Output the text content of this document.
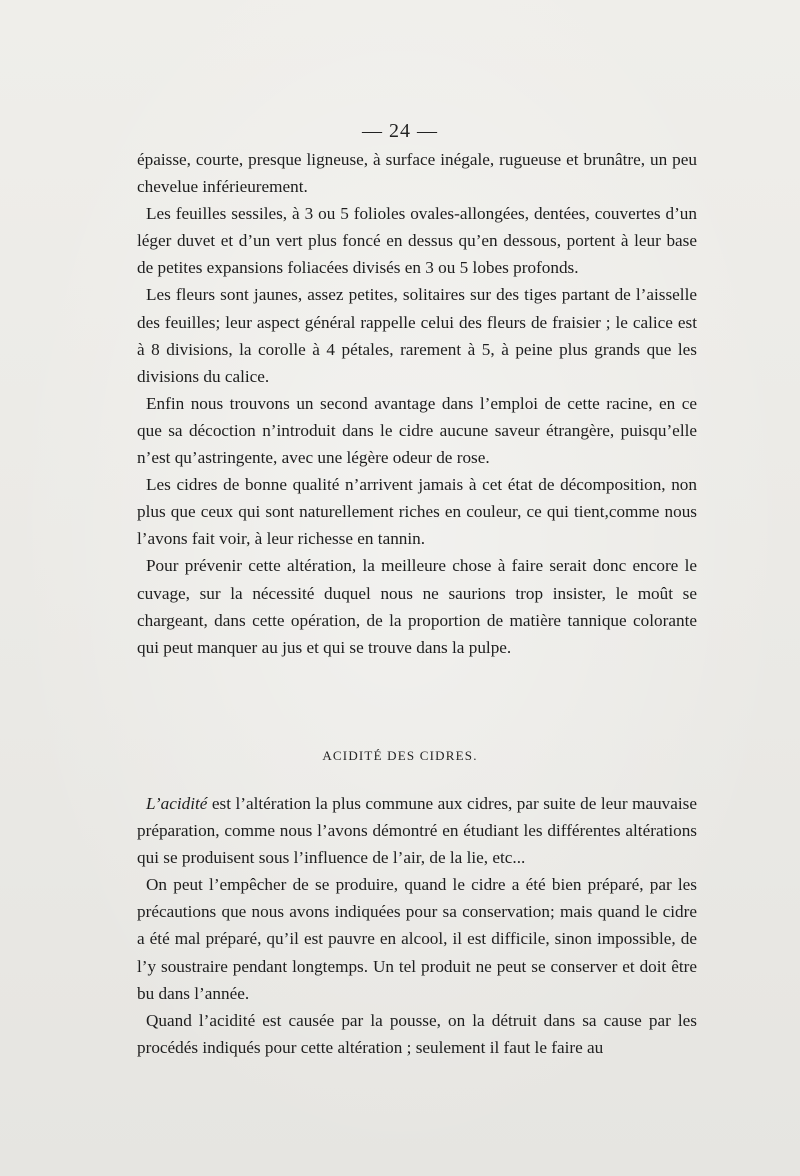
— 24 —

épaisse, courte, presque ligneuse, à surface inégale, rugueuse et brunâtre, un peu chevelue inférieurement.

Les feuilles sessiles, à 3 ou 5 folioles ovales-allongées, dentées, couvertes d’un léger duvet et d’un vert plus foncé en dessus qu’en dessous, portent à leur base de petites expansions foliacées divisés en 3 ou 5 lobes profonds.

Les fleurs sont jaunes, assez petites, solitaires sur des tiges partant de l’aisselle des feuilles; leur aspect général rappelle celui des fleurs de fraisier ; le calice est à 8 divisions, la corolle à 4 pétales, rarement à 5, à peine plus grands que les divisions du calice.

Enfin nous trouvons un second avantage dans l’emploi de cette racine, en ce que sa décoction n’introduit dans le cidre aucune saveur étrangère, puisqu’elle n’est qu’astringente, avec une légère odeur de rose.

Les cidres de bonne qualité n’arrivent jamais à cet état de décomposition, non plus que ceux qui sont naturellement riches en couleur, ce qui tient,comme nous l’avons fait voir, à leur richesse en tannin.

Pour prévenir cette altération, la meilleure chose à faire serait donc encore le cuvage, sur la nécessité duquel nous ne saurions trop insister, le moût se chargeant, dans cette opération, de la proportion de matière tannique colorante qui peut manquer au jus et qui se trouve dans la pulpe.

ACIDITÉ DES CIDRES.

L’acidité est l’altération la plus commune aux cidres, par suite de leur mauvaise préparation, comme nous l’avons démontré en étudiant les différentes altérations qui se produisent sous l’influence de l’air, de la lie, etc...

On peut l’empêcher de se produire, quand le cidre a été bien préparé, par les précautions que nous avons indiquées pour sa conservation; mais quand le cidre a été mal préparé, qu’il est pauvre en alcool, il est difficile, sinon impossible, de l’y soustraire pendant longtemps. Un tel produit ne peut se conserver et doit être bu dans l’année.

Quand l’acidité est causée par la pousse, on la détruit dans sa cause par les procédés indiqués pour cette altération ; seulement il faut le faire au
